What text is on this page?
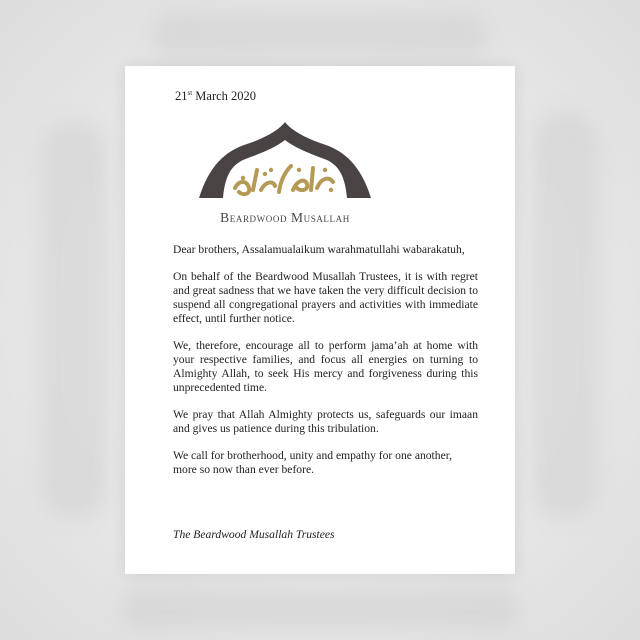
21st March 2020
Beardwood Musallah

Dear brothers, Assalamualaikum warahmatullahi wabarakatuh,

On behalf of the Beardwood Musallah Trustees, it is with regret and great sadness that we have taken the very difficult decision to suspend all congregational prayers and activities with immediate effect, until further notice.

We, therefore, encourage all to perform jama’ah at home with your respective families, and focus all energies on turning to Almighty Allah, to seek His mercy and forgiveness during this unprecedented time.

We pray that Allah Almighty protects us, safeguards our imaan and gives us patience during this tribulation.

We call for brotherhood, unity and empathy for one another, more so now than ever before.

The Beardwood Musallah Trustees
